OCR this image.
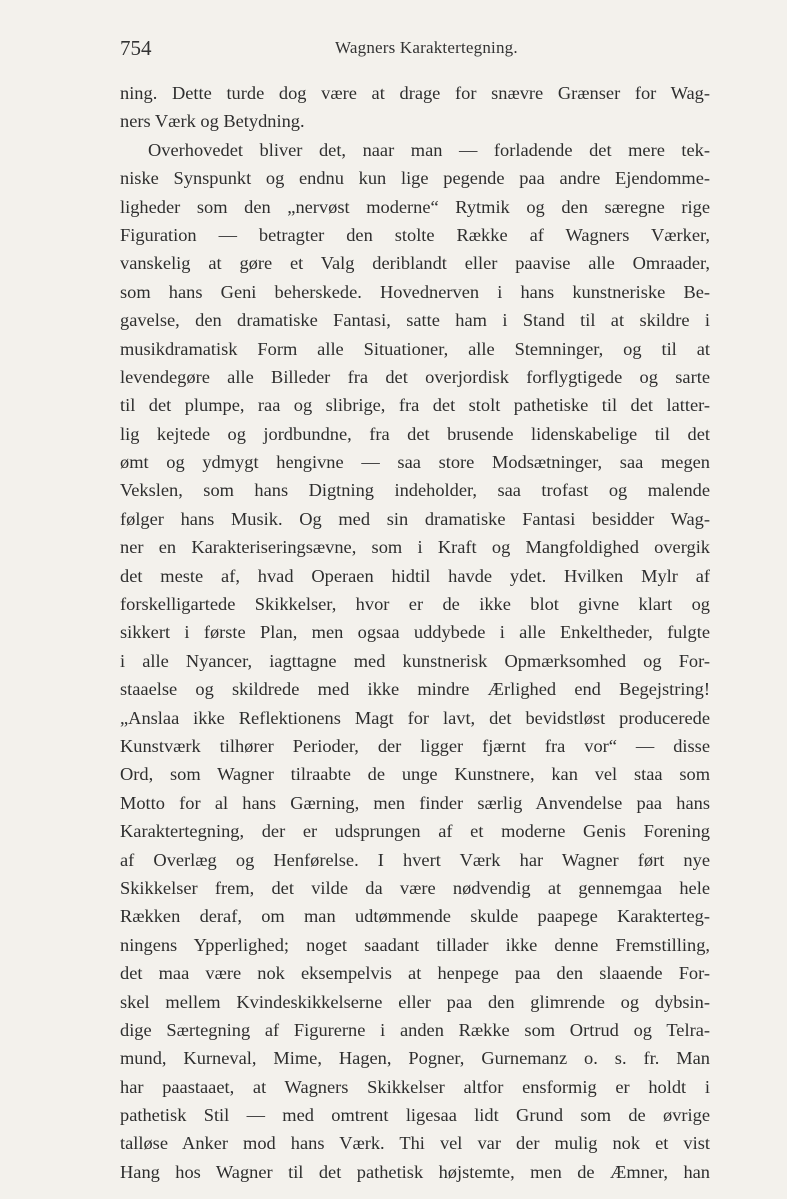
754	Wagners Karaktertegning.
ning. Dette turde dog være at drage for snævre Grænser for Wag-
ners Værk og Betydning.
Overhovedet bliver det, naar man — forladende det mere tek-
niske Synspunkt og endnu kun lige pegende paa andre Ejendomme-
ligheder som den „nervøst moderne“ Rytmik og den særegne rige
Figuration — betragter den stolte Række af Wagners Værker,
vanskelig at gøre et Valg deriblandt eller paavise alle Omraader,
som hans Geni beherskede. Hovednerven i hans kunstneriske Be-
gavelse, den dramatiske Fantasi, satte ham i Stand til at skildre i
musikdramatisk Form alle Situationer, alle Stemninger, og til at
levendegøre alle Billeder fra det overjordisk forflygtigede og sarte
til det plumpe, raa og slibrige, fra det stolt pathetiske til det latter-
lig kejtede og jordbundne, fra det brusende lidenskabelige til det
ømt og ydmygt hengivne — saa store Modsætninger, saa megen
Vekslen, som hans Digtning indeholder, saa trofast og malende
følger hans Musik. Og med sin dramatiske Fantasi besidder Wag-
ner en Karakteriseringsævne, som i Kraft og Mangfoldighed overgik
det meste af, hvad Operaen hidtil havde ydet. Hvilken Mylr af
forskelligartede Skikkelser, hvor er de ikke blot givne klart og
sikkert i første Plan, men ogsaa uddybede i alle Enkeltheder, fulgte
i alle Nyancer, iagttagne med kunstnerisk Opmærksomhed og For-
staaelse og skildrede med ikke mindre Ærlighed end Begejstring!
„Anslaa ikke Reflektionens Magt for lavt, det bevidstløst producerede
Kunstværk tilhører Perioder, der ligger fjærnt fra vor“ — disse
Ord, som Wagner tilraabte de unge Kunstnere, kan vel staa som
Motto for al hans Gærning, men finder særlig Anvendelse paa hans
Karaktertegning, der er udsprungen af et moderne Genis Forening
af Overlæg og Henførelse. I hvert Værk har Wagner ført nye
Skikkelser frem, det vilde da være nødvendig at gennemgaa hele
Rækken deraf, om man udtømmende skulde paapege Karakterteg-
ningens Ypperlighed; noget saadant tillader ikke denne Fremstilling,
det maa være nok eksempelvis at henpege paa den slaaende For-
skel mellem Kvindeskikkelserne eller paa den glimrende og dybsin-
dige Særtegning af Figurerne i anden Række som Ortrud og Telra-
mund, Kurneval, Mime, Hagen, Pogner, Gurnemanz o. s. fr. Man
har paastaaet, at Wagners Skikkelser altfor ensformig er holdt i
pathetisk Stil — med omtrent ligesaa lidt Grund som de øvrige
talløse Anker mod hans Værk. Thi vel var der mulig nok et vist
Hang hos Wagner til det pathetisk højstemte, men de Æmner, han
